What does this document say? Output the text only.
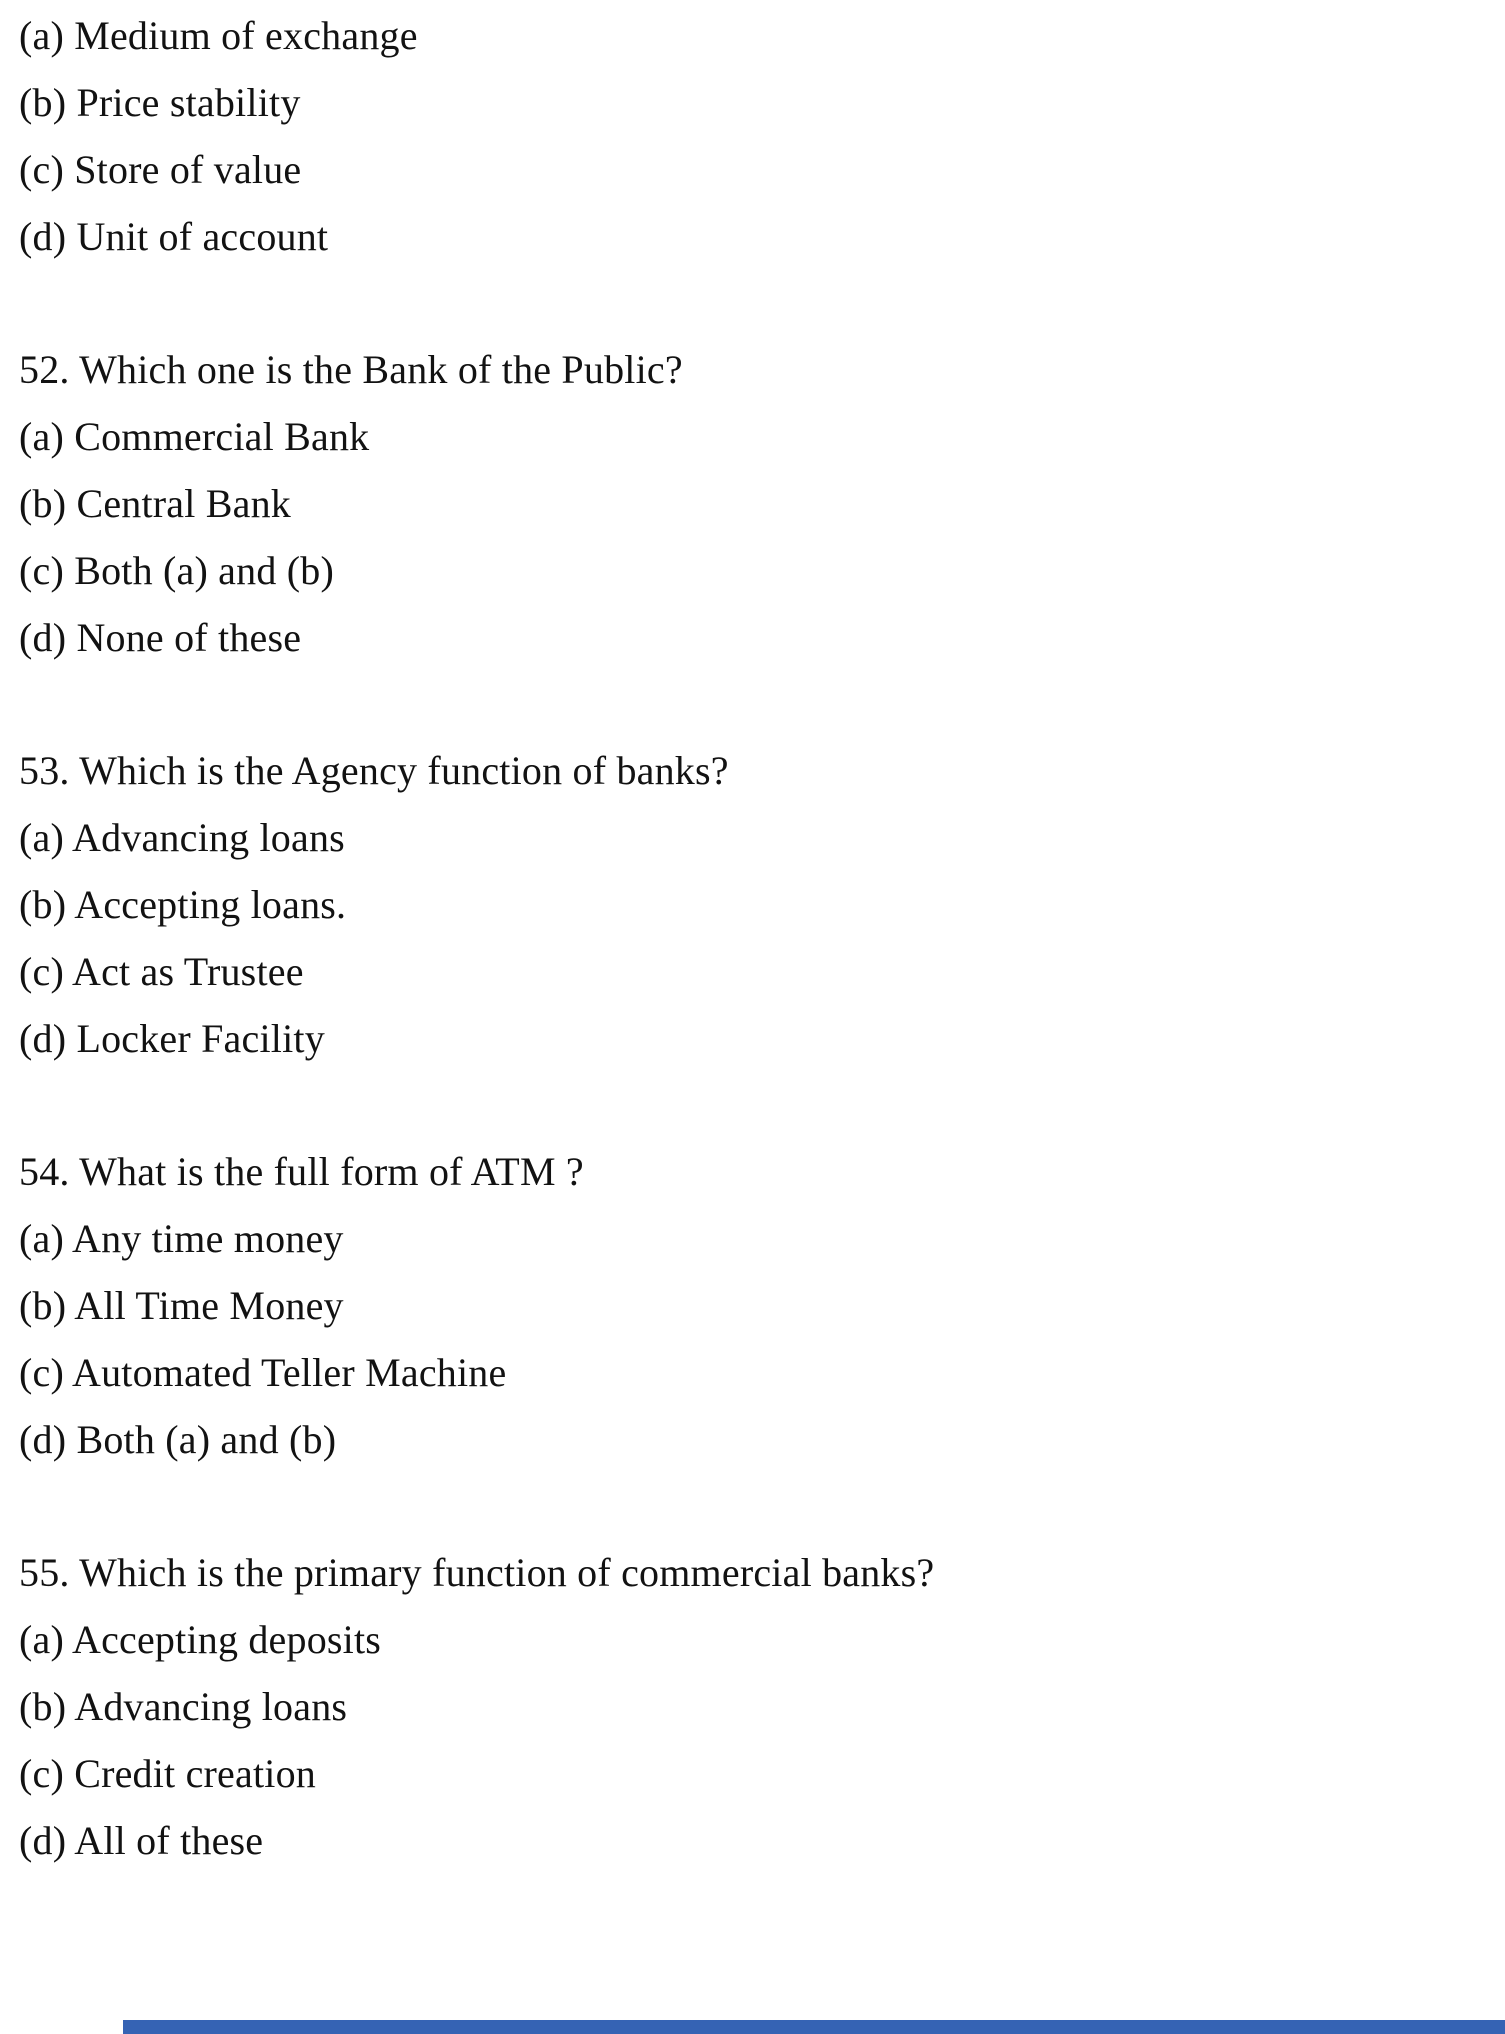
(a) Medium of exchange
(b) Price stability
(c) Store of value
(d) Unit of account
52. Which one is the Bank of the Public?
(a) Commercial Bank
(b) Central Bank
(c) Both (a) and (b)
(d) None of these
53. Which is the Agency function of banks?
(a) Advancing loans
(b) Accepting loans.
(c) Act as Trustee
(d) Locker Facility
54. What is the full form of ATM ?
(a) Any time money
(b) All Time Money
(c) Automated Teller Machine
(d) Both (a) and (b)
55. Which is the primary function of commercial banks?
(a) Accepting deposits
(b) Advancing loans
(c) Credit creation
(d) All of these
